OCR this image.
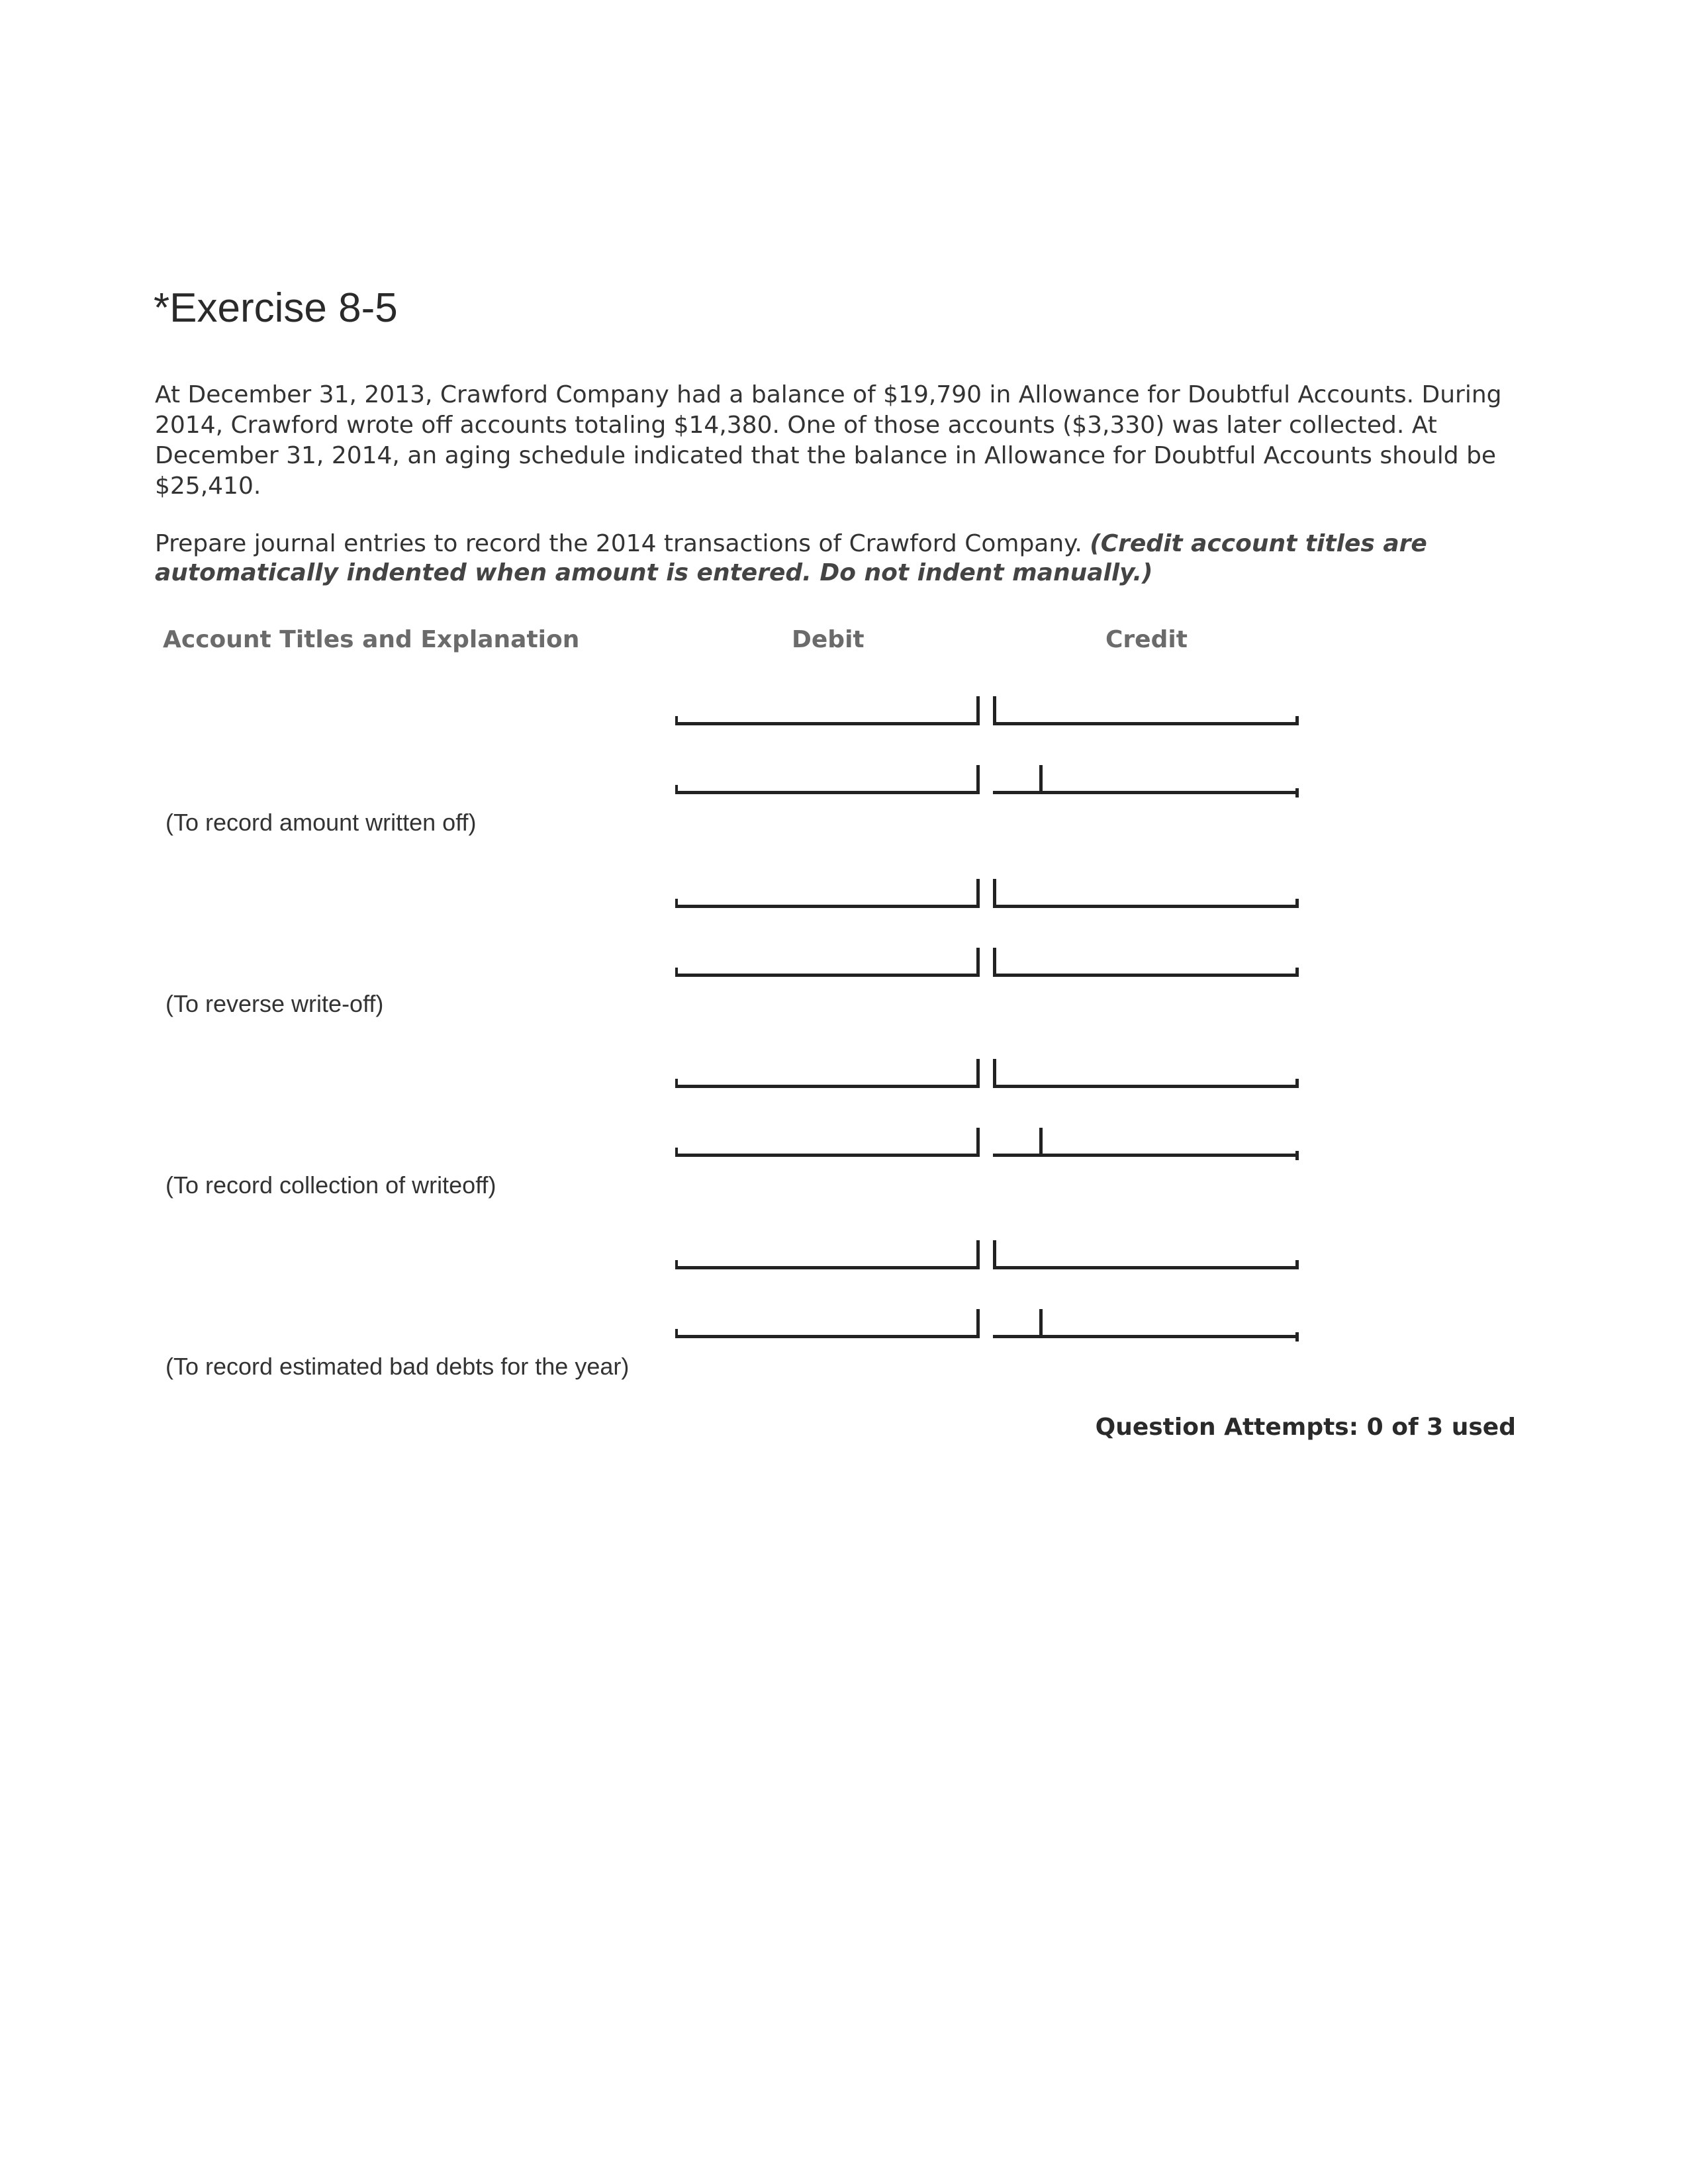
*Exercise 8-5

At December 31, 2013, Crawford Company had a balance of $19,790 in Allowance for Doubtful Accounts. During 2014, Crawford wrote off accounts totaling $14,380. One of those accounts ($3,330) was later collected. At December 31, 2014, an aging schedule indicated that the balance in Allowance for Doubtful Accounts should be $25,410.

Prepare journal entries to record the 2014 transactions of Crawford Company. (Credit account titles are automatically indented when amount is entered. Do not indent manually.)

Account Titles and Explanation	Debit	Credit
(To record amount written off)
(To reverse write-off)
(To record collection of writeoff)
(To record estimated bad debts for the year)
Question Attempts: 0 of 3 used
